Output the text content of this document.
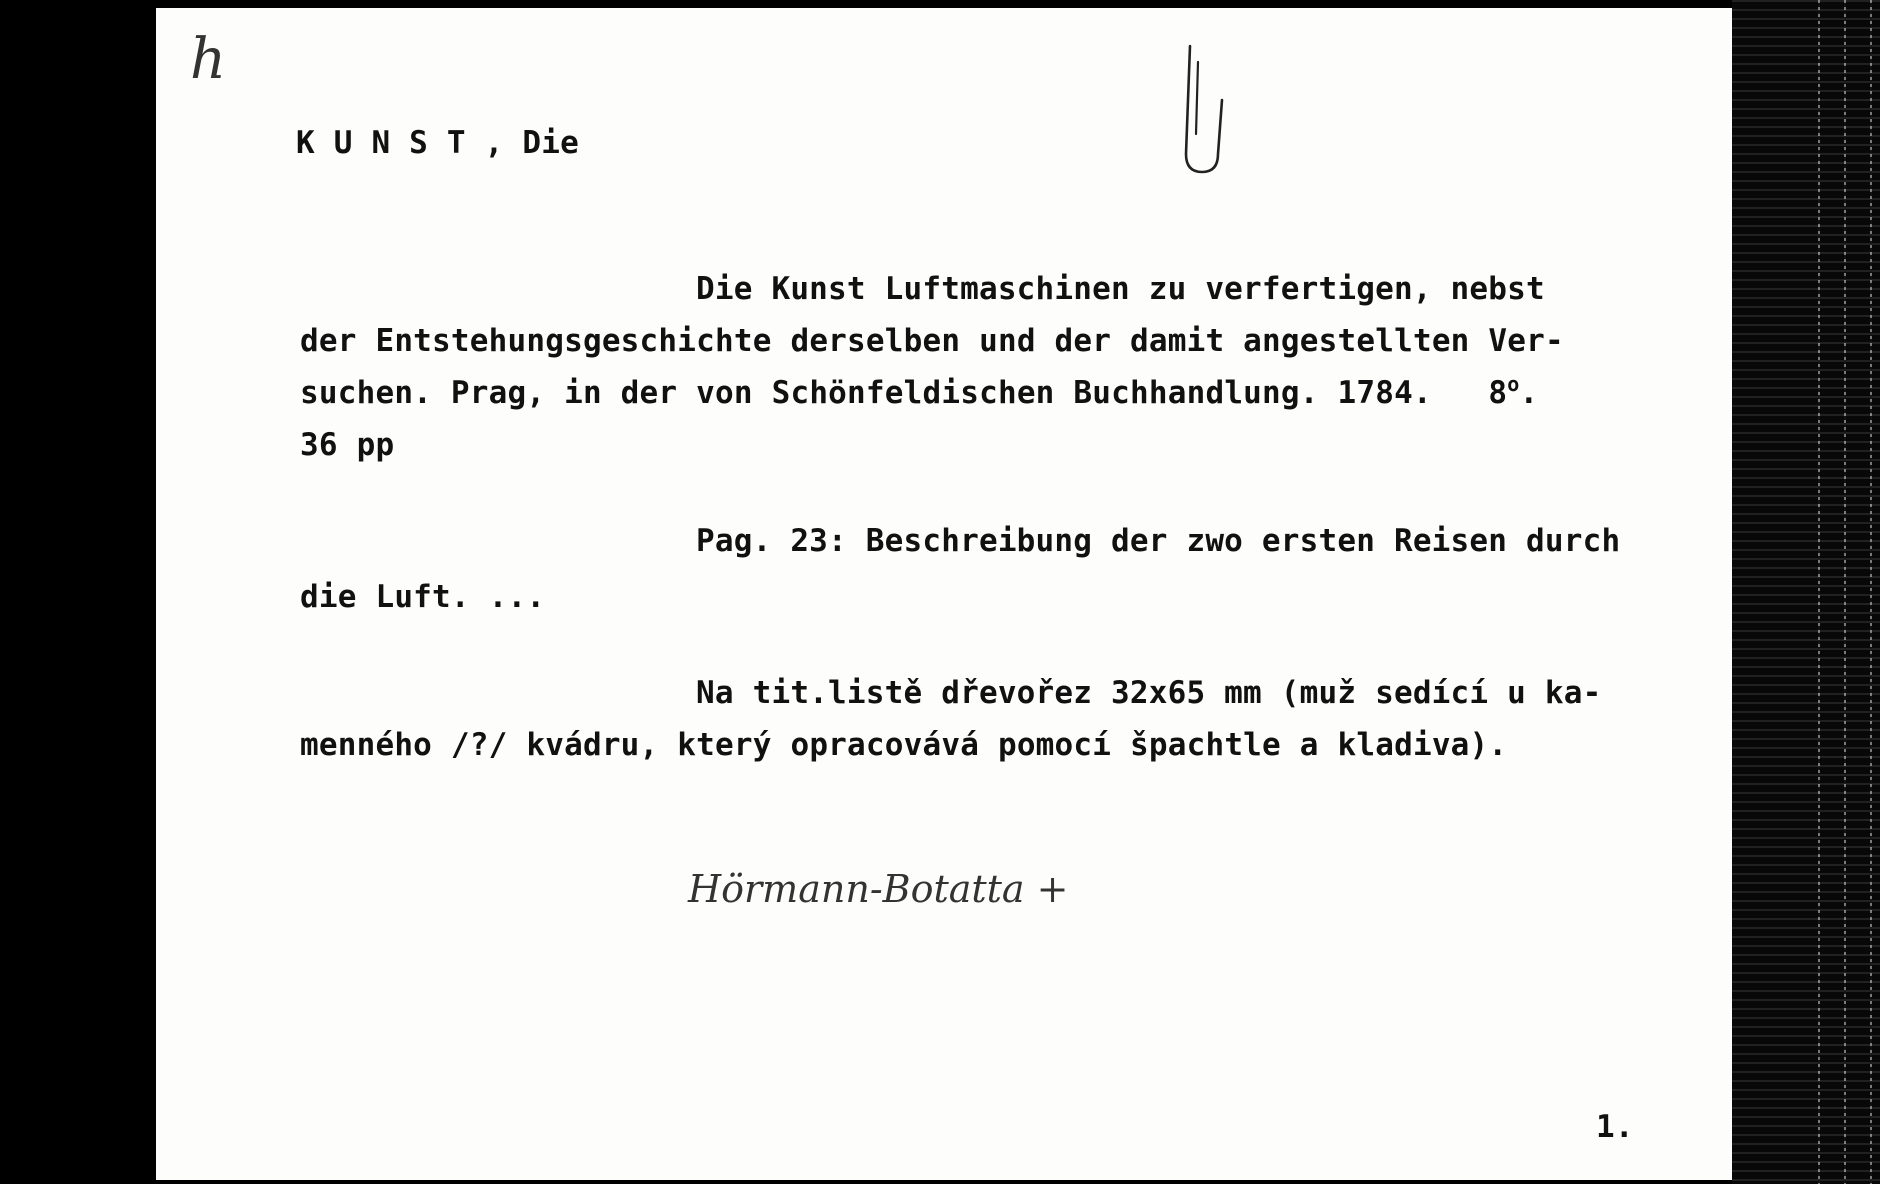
h
K U N S T , Die
Die Kunst Luftmaschinen zu verfertigen, nebst
der Entstehungsgeschichte derselben und der damit angestellten Ver-
suchen. Prag, in der von Schönfeldischen Buchhandlung. 1784.   8$^o$.
36 pp
Pag. 23: Beschreibung der zwo ersten Reisen durch
die Luft. ...
Na tit.listě dřevořez 32x65 mm (muž sedící u ka-
menného /?/ kvádru, který opracovává pomocí špachtle a kladiva).
Hörmann-Botatta +
1.
